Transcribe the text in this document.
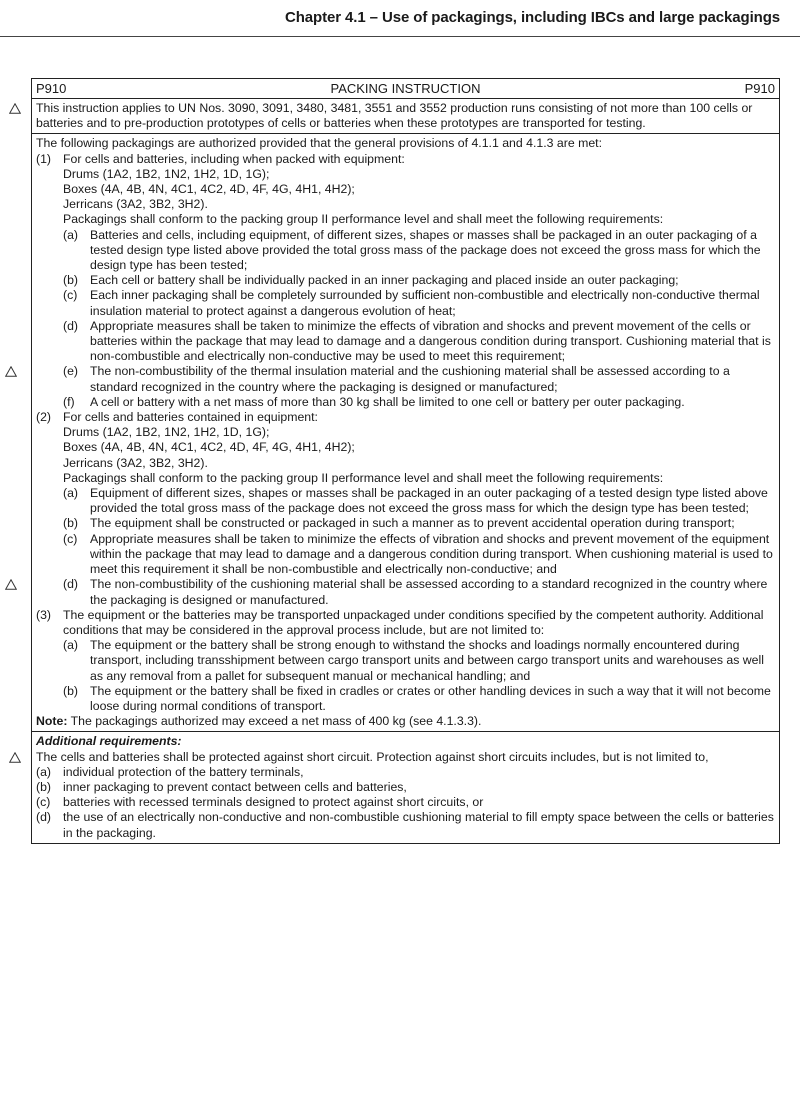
Chapter 4.1 – Use of packagings, including IBCs and large packagings
P910	PACKING INSTRUCTION	P910
This instruction applies to UN Nos. 3090, 3091, 3480, 3481, 3551 and 3552 production runs consisting of not more than 100 cells or batteries and to pre-production prototypes of cells or batteries when these prototypes are transported for testing.
The following packagings are authorized provided that the general provisions of 4.1.1 and 4.1.3 are met:
(1) For cells and batteries, including when packed with equipment:
Drums (1A2, 1B2, 1N2, 1H2, 1D, 1G);
Boxes (4A, 4B, 4N, 4C1, 4C2, 4D, 4F, 4G, 4H1, 4H2);
Jerricans (3A2, 3B2, 3H2).
Packagings shall conform to the packing group II performance level and shall meet the following requirements:
(a) Batteries and cells, including equipment, of different sizes, shapes or masses shall be packaged in an outer packaging of a tested design type listed above provided the total gross mass of the package does not exceed the gross mass for which the design type has been tested;
(b) Each cell or battery shall be individually packed in an inner packaging and placed inside an outer packaging;
(c)	Each inner packaging shall be completely surrounded by sufficient non-combustible and electrically non-conductive thermal insulation material to protect against a dangerous evolution of heat;
(d) Appropriate measures shall be taken to minimize the effects of vibration and shocks and prevent movement of the cells or batteries within the package that may lead to damage and a dangerous condition during transport. Cushioning material that is non-combustible and electrically non-conductive may be used to meet this requirement;
(e) The non-combustibility of the thermal insulation material and the cushioning material shall be assessed according to a standard recognized in the country where the packaging is designed or manufactured;
(f)	A cell or battery with a net mass of more than 30 kg shall be limited to one cell or battery per outer packaging.
(2) For cells and batteries contained in equipment:
Drums (1A2, 1B2, 1N2, 1H2, 1D, 1G);
Boxes (4A, 4B, 4N, 4C1, 4C2, 4D, 4F, 4G, 4H1, 4H2);
Jerricans (3A2, 3B2, 3H2).
Packagings shall conform to the packing group II performance level and shall meet the following requirements:
(a) Equipment of different sizes, shapes or masses shall be packaged in an outer packaging of a tested design type listed above provided the total gross mass of the package does not exceed the gross mass for which the design type has been tested;
(b) The equipment shall be constructed or packaged in such a manner as to prevent accidental operation during transport;
(c)	Appropriate measures shall be taken to minimize the effects of vibration and shocks and prevent movement of the equipment within the package that may lead to damage and a dangerous condition during transport. When cushioning material is used to meet this requirement it shall be non-combustible and electrically non-conductive; and
(d) The non-combustibility of the cushioning material shall be assessed according to a standard recognized in the country where the packaging is designed or manufactured.
(3) The equipment or the batteries may be transported unpackaged under conditions specified by the competent authority. Additional conditions that may be considered in the approval process include, but are not limited to:
(a) The equipment or the battery shall be strong enough to withstand the shocks and loadings normally encountered during transport, including transshipment between cargo transport units and between cargo transport units and warehouses as well as any removal from a pallet for subsequent manual or mechanical handling; and
(b) The equipment or the battery shall be fixed in cradles or crates or other handling devices in such a way that it will not become loose during normal conditions of transport.
Note: The packagings authorized may exceed a net mass of 400 kg (see 4.1.3.3).
Additional requirements:
The cells and batteries shall be protected against short circuit. Protection against short circuits includes, but is not limited to,
(a) individual protection of the battery terminals,
(b) inner packaging to prevent contact between cells and batteries,
(c)	batteries with recessed terminals designed to protect against short circuits, or
(d) the use of an electrically non-conductive and non-combustible cushioning material to fill empty space between the cells or batteries in the packaging.
